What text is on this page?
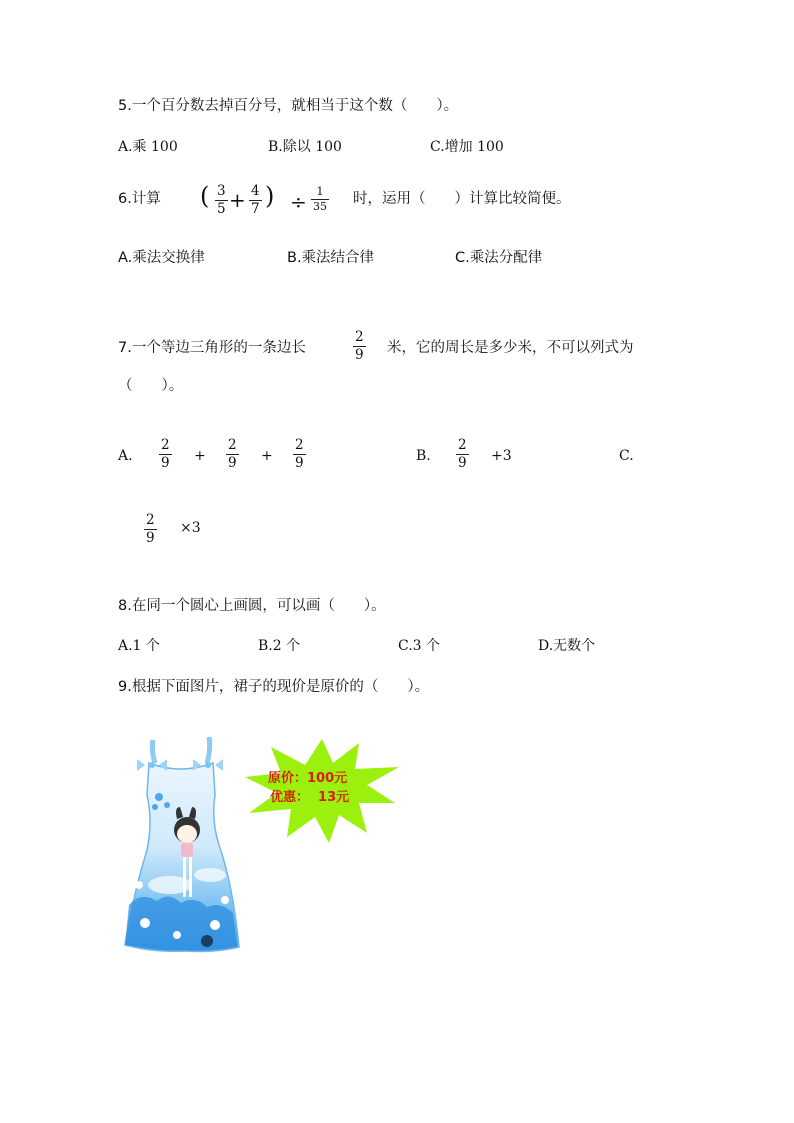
5.一个百分数去掉百分号，就相当于这个数（　　）。
A.乘 100	B.除以 100	C.增加 100
6.计算 ( 3
5 + 4
7 ) ÷ 1
35 时，运用（　　）计算比较简便。
A.乘法交换律	B.乘法结合律	C.乘法分配律
7.一个等边三角形的一条边长
2
9 米，它的周长是多少米，不可以列式为
（　　）。
A.
2
9 +
2
9 +
2
9	B.
2
9 +3	C.
2
9
×3
8.在同一个圆心上画圆，可以画（　　）。
A.1 个	B.2 个	C.3 个	D.无数个
9.根据下面图片，裙子的现价是原价的（　　）。
原价：100元
优惠：  13元
